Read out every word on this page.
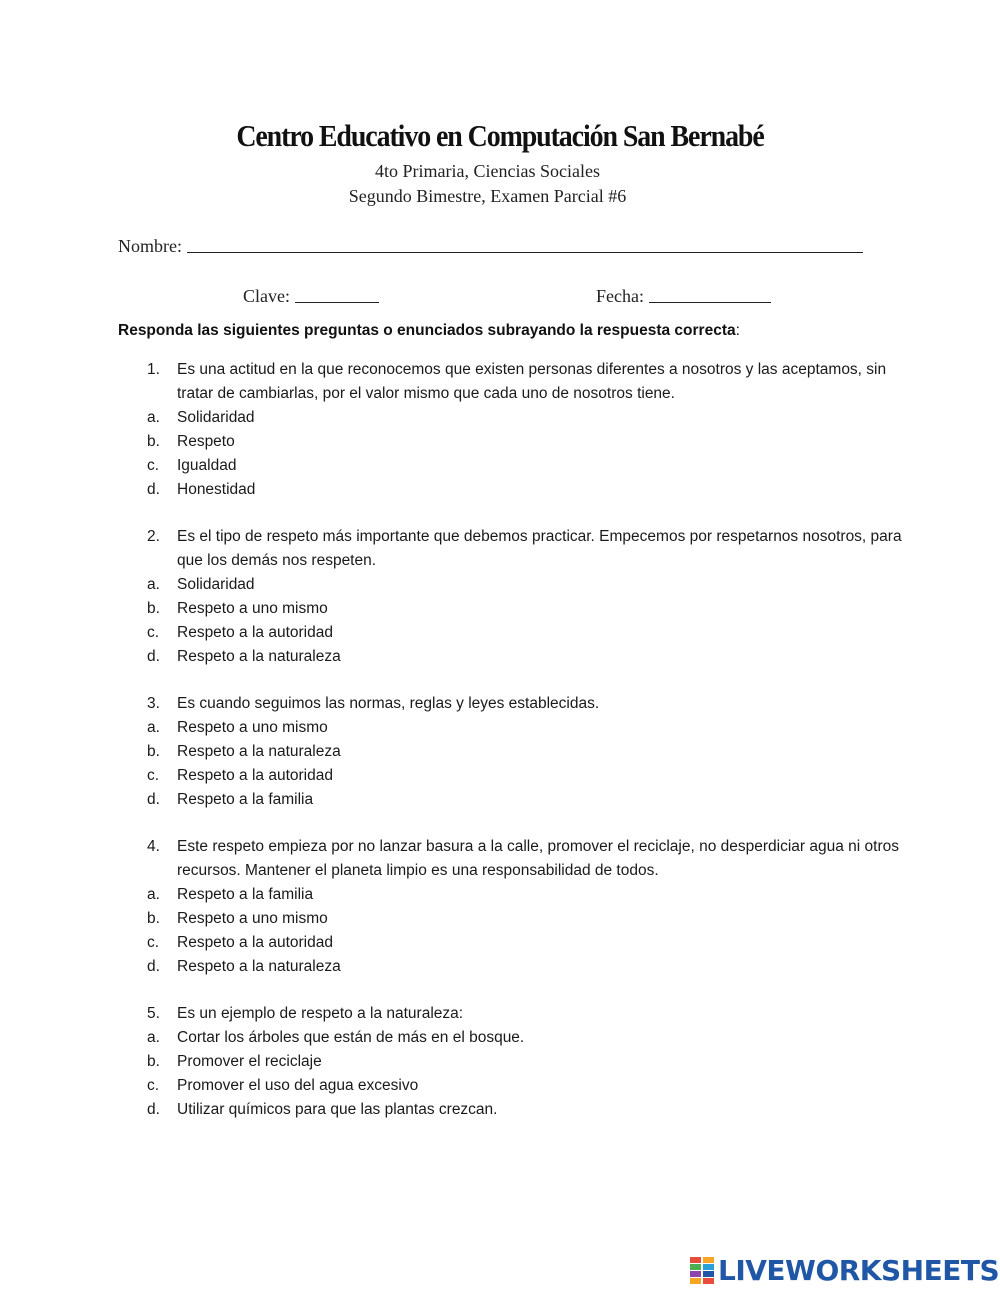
Centro Educativo en Computación San Bernabé
4to Primaria, Ciencias Sociales
Segundo Bimestre, Examen Parcial #6
Nombre:
Clave:	Fecha:
Responda las siguientes preguntas o enunciados subrayando la respuesta correcta:
1.	Es una actitud en la que reconocemos que existen personas diferentes a nosotros y las aceptamos, sin tratar de cambiarlas, por el valor mismo que cada uno de nosotros tiene.
a.	Solidaridad
b.	Respeto
c.	Igualdad
d.	Honestidad
2.	Es el tipo de respeto más importante que debemos practicar. Empecemos por respetarnos nosotros, para que los demás nos respeten.
a.	Solidaridad
b.	Respeto a uno mismo
c.	Respeto a la autoridad
d.	Respeto a la naturaleza
3.	Es cuando seguimos las normas, reglas y leyes establecidas.
a.	Respeto a uno mismo
b.	Respeto a la naturaleza
c.	Respeto a la autoridad
d.	Respeto a la familia
4.	Este respeto empieza por no lanzar basura a la calle, promover el reciclaje, no desperdiciar agua ni otros recursos. Mantener el planeta limpio es una responsabilidad de todos.
a.	Respeto a la familia
b.	Respeto a uno mismo
c.	Respeto a la autoridad
d.	Respeto a la naturaleza
5.	Es un ejemplo de respeto a la naturaleza:
a.	Cortar los árboles que están de más en el bosque.
b.	Promover el reciclaje
c.	Promover el uso del agua excesivo
d.	Utilizar químicos para que las plantas crezcan.
LIVEWORKSHEETS
